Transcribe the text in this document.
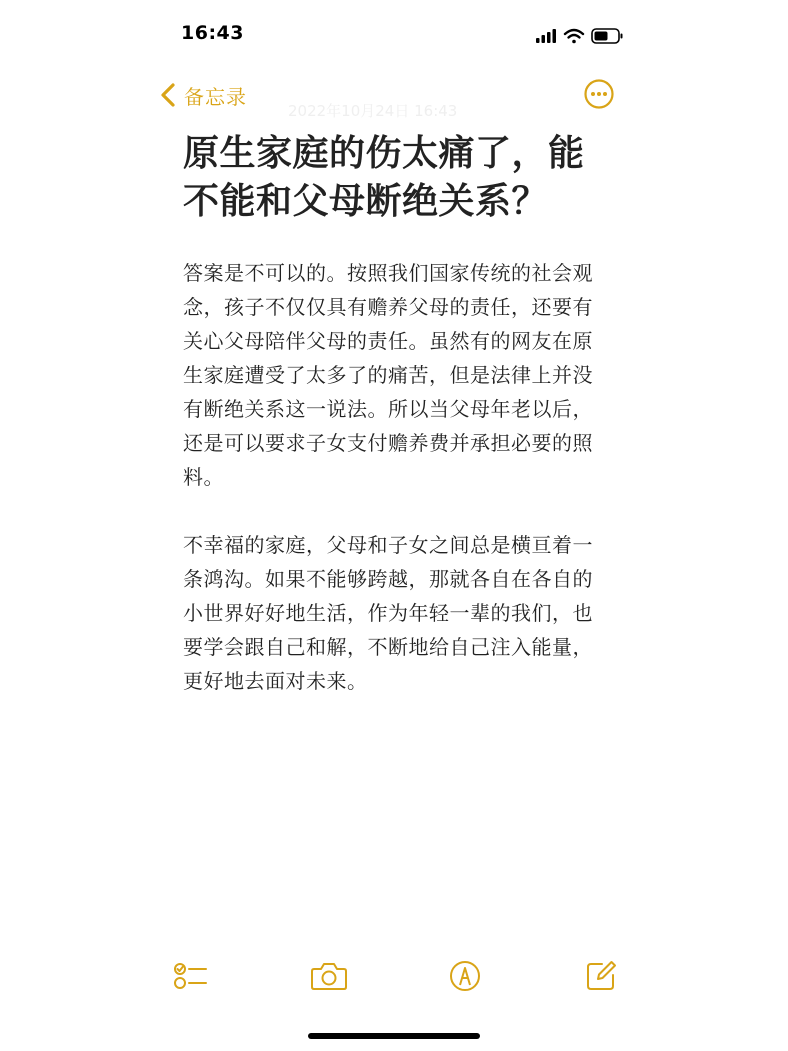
16:43
备忘录
2022年10月24日 16:43
原生家庭的伤太痛了，能不能和父母断绝关系？

答案是不可以的。按照我们国家传统的社会观念，孩子不仅仅具有赡养父母的责任，还要有关心父母陪伴父母的责任。虽然有的网友在原生家庭遭受了太多了的痛苦，但是法律上并没有断绝关系这一说法。所以当父母年老以后，还是可以要求子女支付赡养费并承担必要的照料。

不幸福的家庭，父母和子女之间总是横亘着一条鸿沟。如果不能够跨越，那就各自在各自的小世界好好地生活，作为年轻一辈的我们，也要学会跟自己和解，不断地给自己注入能量，更好地去面对未来。
